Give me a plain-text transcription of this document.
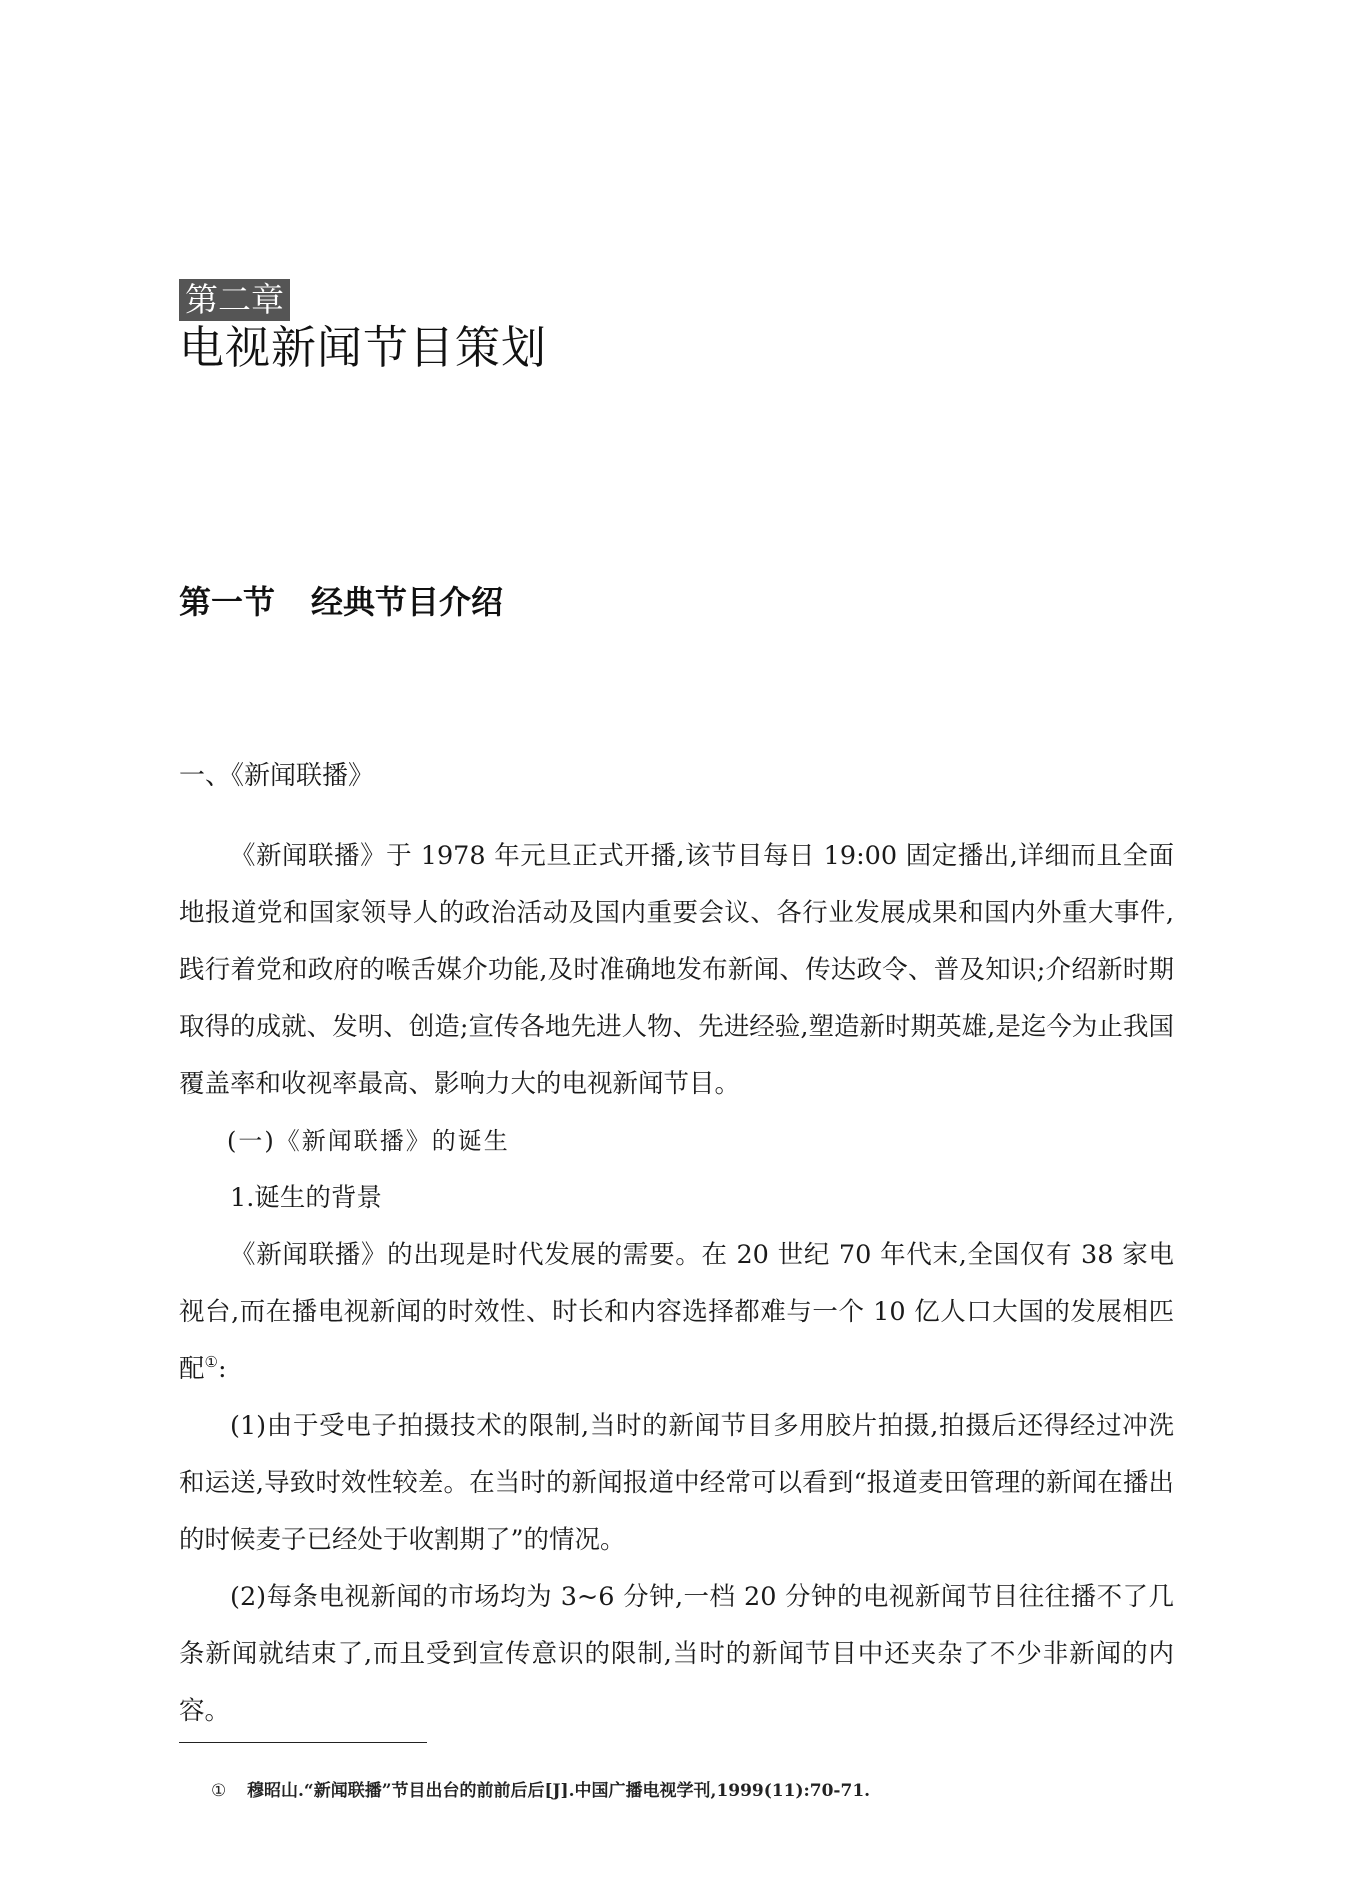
第二章
电视新闻节目策划
第一节 经典节目介绍
一、《新闻联播》

《新闻联播》于 1978 年元旦正式开播,该节目每日 19:00 固定播出,详细而且全面地报道党和国家领导人的政治活动及国内重要会议、各行业发展成果和国内外重大事件,践行着党和政府的喉舌媒介功能,及时准确地发布新闻、传达政令、普及知识;介绍新时期取得的成就、发明、创造;宣传各地先进人物、先进经验,塑造新时期英雄,是迄今为止我国覆盖率和收视率最高、影响力大的电视新闻节目。

(一)《新闻联播》的诞生

1.诞生的背景

《新闻联播》的出现是时代发展的需要。在 20 世纪 70 年代末,全国仅有 38 家电视台,而在播电视新闻的时效性、时长和内容选择都难与一个 10 亿人口大国的发展相匹配①:

(1)由于受电子拍摄技术的限制,当时的新闻节目多用胶片拍摄,拍摄后还得经过冲洗和运送,导致时效性较差。在当时的新闻报道中经常可以看到“报道麦田管理的新闻在播出的时候麦子已经处于收割期了”的情况。

(2)每条电视新闻的市场均为 3~6 分钟,一档 20 分钟的电视新闻节目往往播不了几条新闻就结束了,而且受到宣传意识的限制,当时的新闻节目中还夹杂了不少非新闻的内容。

① 穆昭山.“新闻联播”节目出台的前前后后[J].中国广播电视学刊,1999(11):70-71.
